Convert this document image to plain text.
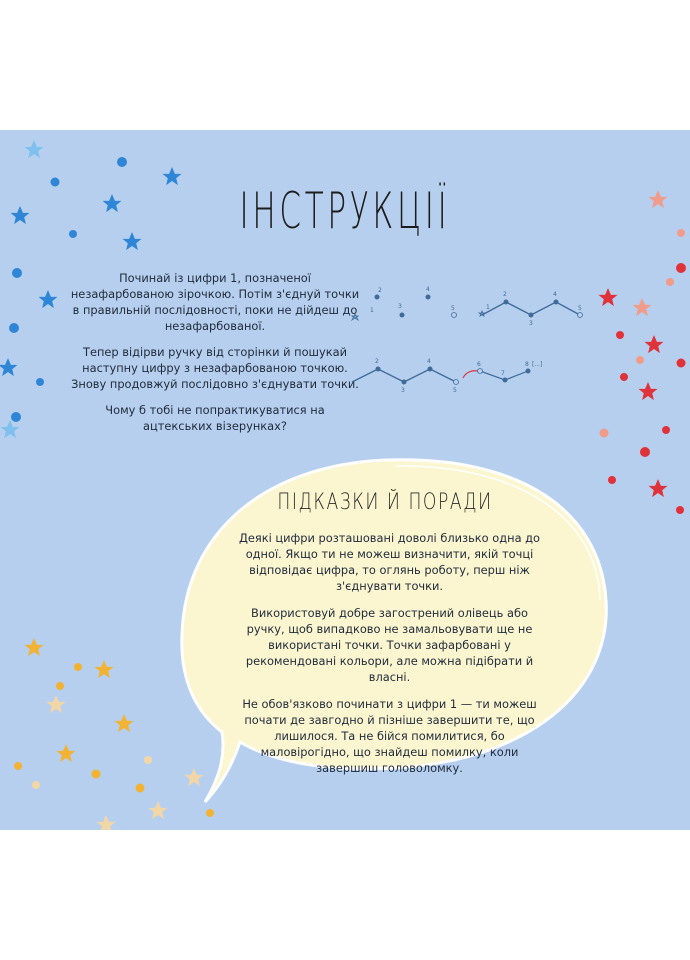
ІНСТРУКЦІЇ

Починай із цифри 1, позначеної незафарбованою зірочкою. Потім з'єднуй точки в правильній послідовності, поки не дійдеш до незафарбованої.

Тепер відірви ручку від сторінки й пошукай наступну цифру з незафарбованою точкою. Знову продовжуй послідовно з'єднувати точки.

Чому б тобі не попрактикуватися на ацтекських візерунках?

1
2
3
4
5	1
2
3
4
5
2
3
4
5
6
7
8 [...]
ПІДКАЗКИ Й ПОРАДИ

Деякі цифри розташовані доволі близько одна до одної. Якщо ти не можеш визначити, якій точці відповідає цифра, то оглянь роботу, перш ніж з'єднувати точки.

Використовуй добре загострений олівець або ручку, щоб випадково не замальовувати ще не використані точки. Точки зафарбовані у рекомендовані кольори, але можна підібрати й власні.

Не обов'язково починати з цифри 1 — ти можеш почати де завгодно й пізніше завершити те, що лишилося. Та не бійся помилитися, бо маловірогідно, що знайдеш помилку, коли завершиш головоломку.
